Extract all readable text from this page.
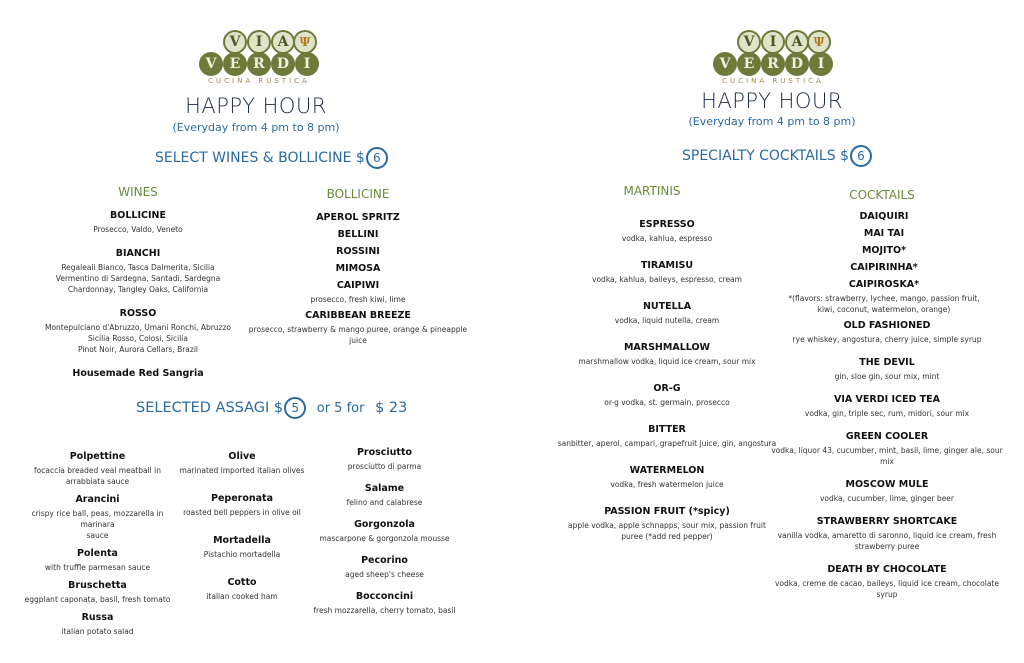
V	I	A Ψ
V E R D	I
CUCINA RUSTICA
HAPPY HOUR
(Everyday from 4 pm to 8 pm)
SELECT WINES & BOLLICINE $ 6
WINES	BOLLICINE
BOLLICINE
Prosecco, Valdo, Veneto
BIANCHI
Regaleali Bianco, Tasca Dalmerita, Sicilia
Vermentino di Sardegna, Santadi, Sardegna
Chardonnay, Tangley Oaks, California
ROSSO
Montepulciano d'Abruzzo, Umani Ronchi, Abruzzo
Sicilia Rosso, Colosi, Sicilia
Pinot Noir, Aurora Cellars, Brazil
Housemade Red Sangria
APEROL SPRITZ
BELLINI
ROSSINI
MIMOSA
CAIPIWI
prosecco, fresh kiwi, lime
CARIBBEAN BREEZE
prosecco, strawberry & mango puree, orange & pineapple
juice
SELECTED ASSAGI $ 5 or 5 for $ 23
Polpettine
focaccia breaded veal meatball in
arrabbiata sauce
Arancini
crispy rice ball, peas, mozzarella in marinara
sauce
Polenta
with truffle parmesan sauce
Bruschetta
eggplant caponata, basil, fresh tomato
Russa
italian potato salad
Olive
marinated imported italian olives
Peperonata
roasted bell peppers in olive oil
Mortadella
Pistachio mortadella
Cotto
italian cooked ham
Prosciutto
prosciutto di parma
Salame
felino and calabrese
Gorgonzola
mascarpone & gorgonzola mousse
Pecorino
aged sheep's cheese
Bocconcini
fresh mozzarella, cherry tomato, basil
V	I	A Ψ
V E R D	I
CUCINA RUSTICA
HAPPY HOUR
(Everyday from 4 pm to 8 pm)
SPECIALTY COCKTAILS $ 6
MARTINIS	COCKTAILS
ESPRESSO
vodka, kahlua, espresso
TIRAMISU
vodka, kahlua, baileys, espresso, cream
NUTELLA
vodka, liquid nutella, cream
MARSHMALLOW
marshmallow vodka, liquid ice cream, sour mix
OR-G
or-g vodka, st. germain, prosecco
BITTER
sanbitter, aperol, campari, grapefruit juice, gin, angostura
WATERMELON
vodka, fresh watermelon juice
PASSION FRUIT (*spicy)
apple vodka, apple schnapps, sour mix, passion fruit
puree (*add red pepper)
DAIQUIRI
MAI TAI
MOJITO*
CAIPIRINHA*
CAIPIROSKA*
*(flavors: strawberry, lychee, mango, passion fruit,
kiwi, coconut, watermelon, orange)
OLD FASHIONED
rye whiskey, angostura, cherry juice, simple syrup
THE DEVIL
gin, sloe gin, sour mix, mint
VIA VERDI ICED TEA
vodka, gin, triple sec, rum, midori, sour mix
GREEN COOLER
vodka, liquor 43, cucumber, mint, basil, lime, ginger ale, sour mix
MOSCOW MULE
vodka, cucumber, lime, ginger beer
STRAWBERRY SHORTCAKE
vanilla vodka, amaretto di saronno, liquid ice cream, fresh
strawberry puree
DEATH BY CHOCOLATE
vodka, creme de cacao, baileys, liquid ice cream, chocolate
syrup
